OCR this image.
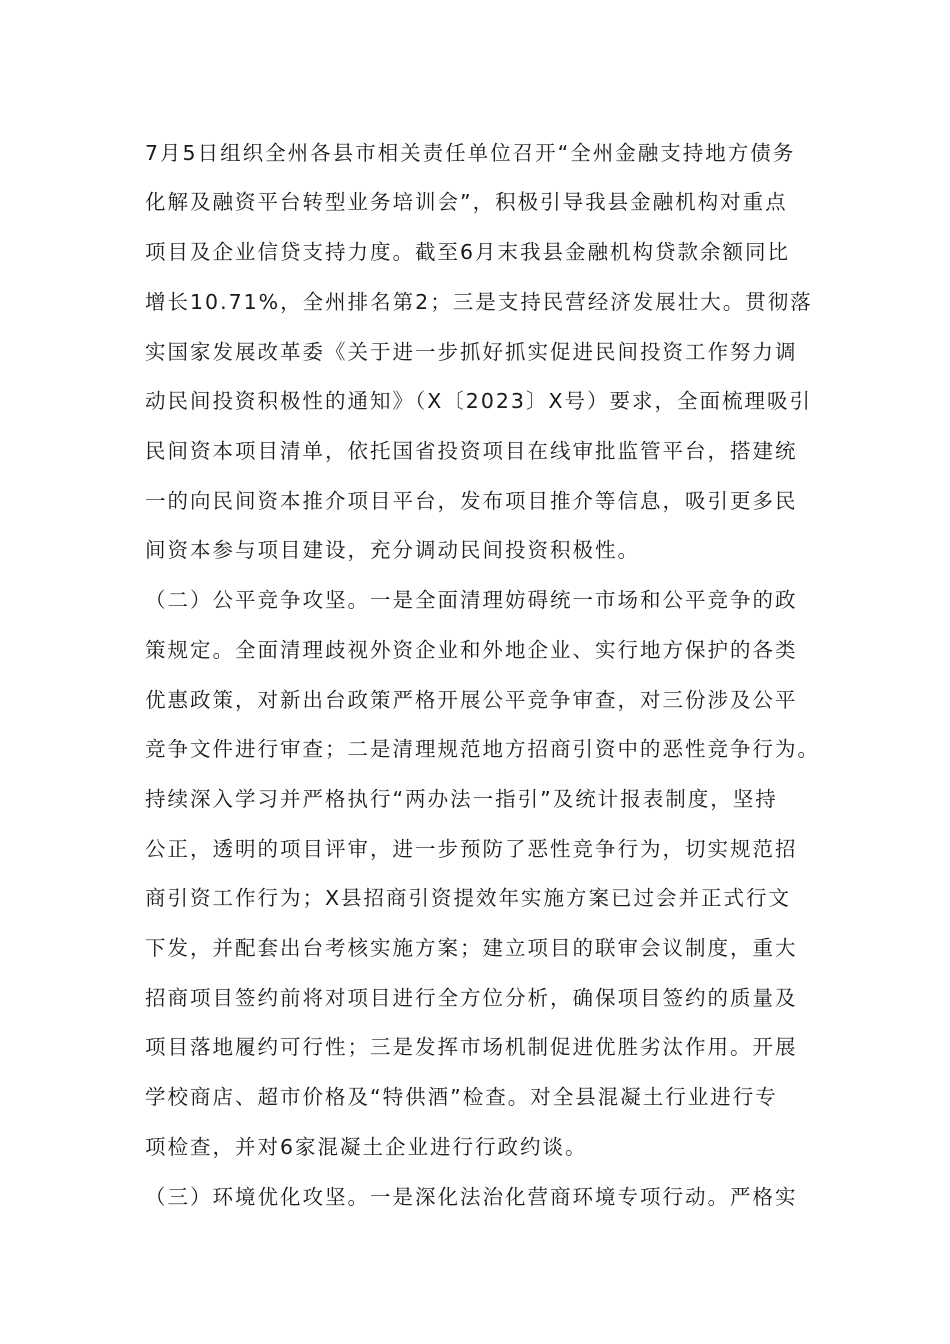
7月5日组织全州各县市相关责任单位召开“全州金融支持地方债务
化解及融资平台转型业务培训会”，积极引导我县金融机构对重点
项目及企业信贷支持力度。截至6月末我县金融机构贷款余额同比
增长10.71%，全州排名第2；三是支持民营经济发展壮大。贯彻落
实国家发展改革委《关于进一步抓好抓实促进民间投资工作努力调
动民间投资积极性的通知》（X〔2023〕X号）要求，全面梳理吸引
民间资本项目清单，依托国省投资项目在线审批监管平台，搭建统
一的向民间资本推介项目平台，发布项目推介等信息，吸引更多民
间资本参与项目建设，充分调动民间投资积极性。
（二）公平竞争攻坚。一是全面清理妨碍统一市场和公平竞争的政
策规定。全面清理歧视外资企业和外地企业、实行地方保护的各类
优惠政策，对新出台政策严格开展公平竞争审查，对三份涉及公平
竞争文件进行审查；二是清理规范地方招商引资中的恶性竞争行为。
持续深入学习并严格执行“两办法一指引”及统计报表制度，坚持
公正，透明的项目评审，进一步预防了恶性竞争行为，切实规范招
商引资工作行为；X县招商引资提效年实施方案已过会并正式行文
下发，并配套出台考核实施方案；建立项目的联审会议制度，重大
招商项目签约前将对项目进行全方位分析，确保项目签约的质量及
项目落地履约可行性；三是发挥市场机制促进优胜劣汰作用。开展
学校商店、超市价格及“特供酒”检查。对全县混凝土行业进行专
项检查，并对6家混凝土企业进行行政约谈。
（三）环境优化攻坚。一是深化法治化营商环境专项行动。严格实
